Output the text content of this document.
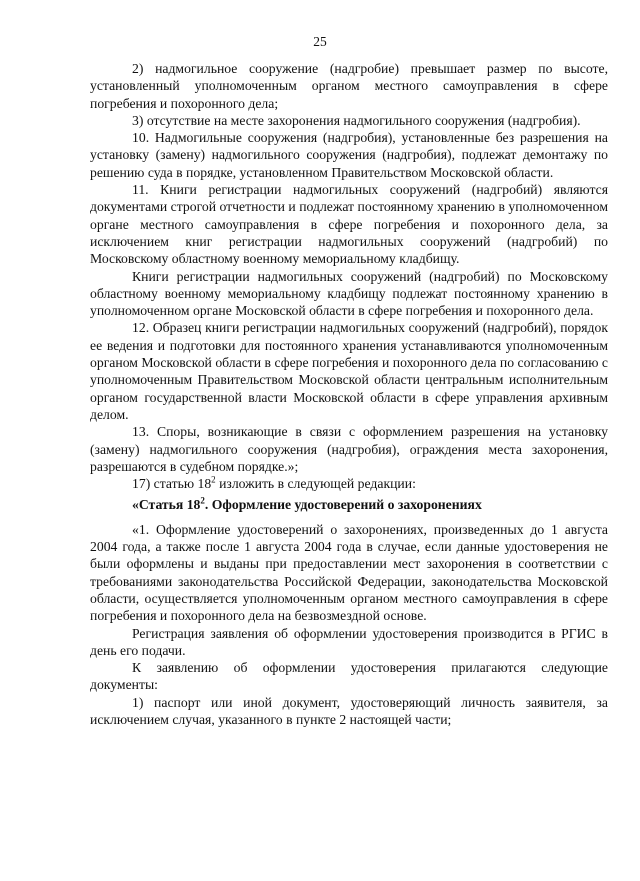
25

2) надмогильное сооружение (надгробие) превышает размер по высоте, установленный уполномоченным органом местного самоуправления в сфере погребения и похоронного дела;

3) отсутствие на месте захоронения надмогильного сооружения (надгробия).

10. Надмогильные сооружения (надгробия), установленные без разрешения на установку (замену) надмогильного сооружения (надгробия), подлежат демонтажу по решению суда в порядке, установленном Правительством Московской области.

11. Книги регистрации надмогильных сооружений (надгробий) являются документами строгой отчетности и подлежат постоянному хранению в уполномоченном органе местного самоуправления в сфере погребения и похоронного дела, за исключением книг регистрации надмогильных сооружений (надгробий) по Московскому областному военному мемориальному кладбищу.

Книги регистрации надмогильных сооружений (надгробий) по Московскому областному военному мемориальному кладбищу подлежат постоянному хранению в уполномоченном органе Московской области в сфере погребения и похоронного дела.

12. Образец книги регистрации надмогильных сооружений (надгробий), порядок ее ведения и подготовки для постоянного хранения устанавливаются уполномоченным органом Московской области в сфере погребения и похоронного дела по согласованию с уполномоченным Правительством Московской области центральным исполнительным органом государственной власти Московской области в сфере управления архивным делом.

13. Споры, возникающие в связи с оформлением разрешения на установку (замену) надмогильного сооружения (надгробия), ограждения места захоронения, разрешаются в судебном порядке.»;

17) статью $18^2$ изложить в следующей редакции:

«Статья $18^2$. Оформление удостоверений о захоронениях

«1. Оформление удостоверений о захоронениях, произведенных до 1 августа 2004 года, а также после 1 августа 2004 года в случае, если данные удостоверения не были оформлены и выданы при предоставлении мест захоронения в соответствии с требованиями законодательства Российской Федерации, законодательства Московской области, осуществляется уполномоченным органом местного самоуправления в сфере погребения и похоронного дела на безвозмездной основе.

Регистрация заявления об оформлении удостоверения производится в РГИС в день его подачи.

К заявлению об оформлении удостоверения прилагаются следующие документы:

1) паспорт или иной документ, удостоверяющий личность заявителя, за исключением случая, указанного в пункте 2 настоящей части;
